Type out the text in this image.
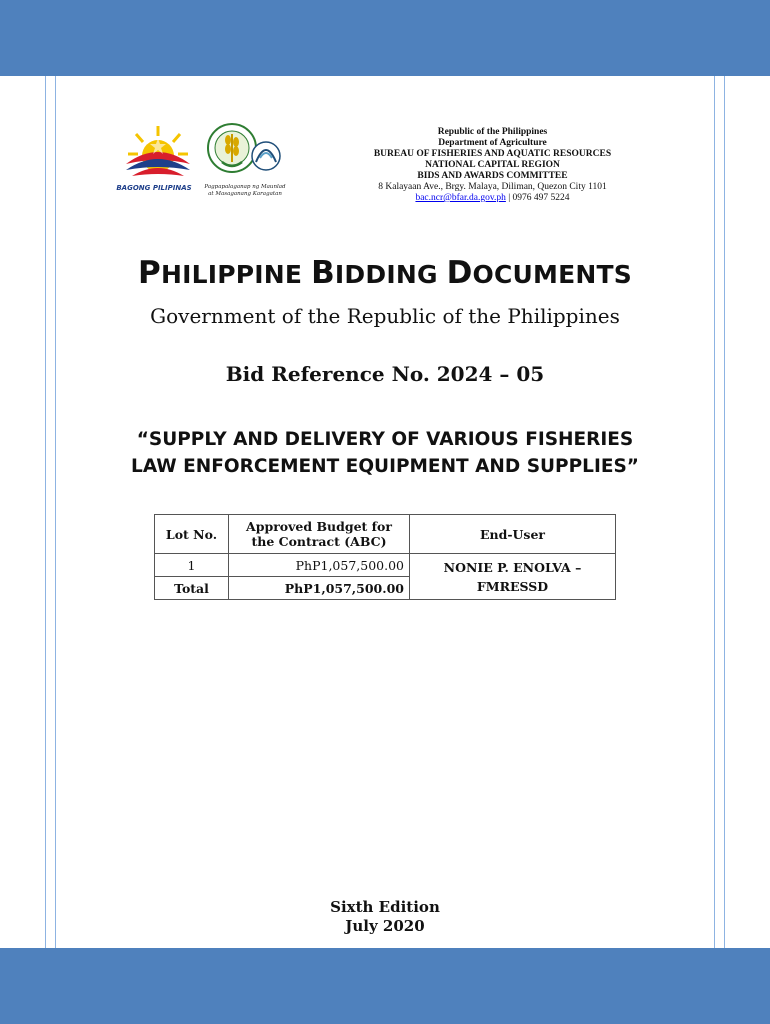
BAGONG PILIPINAS	Pagpapalaganap ng Maunlad at Masaganang Karagatan
Republic of the Philippines
Department of Agriculture
BUREAU OF FISHERIES AND AQUATIC RESOURCES
NATIONAL CAPITAL REGION
BIDS AND AWARDS COMMITTEE
8 Kalayaan Ave., Brgy. Malaya, Diliman, Quezon City 1101
bac.ncr@bfar.da.gov.ph | 0976 497 5224
PHILIPPINE BIDDING DOCUMENTS
Government of the Republic of the Philippines
Bid Reference No. 2024 – 05
“SUPPLY AND DELIVERY OF VARIOUS FISHERIES LAW ENFORCEMENT EQUIPMENT AND SUPPLIES”
Lot No.	Approved Budget for the Contract (ABC)	End-User
1	PhP1,057,500.00	NONIE P. ENOLVA – FMRESSD
Total	PhP1,057,500.00	
Sixth Edition
July 2020
